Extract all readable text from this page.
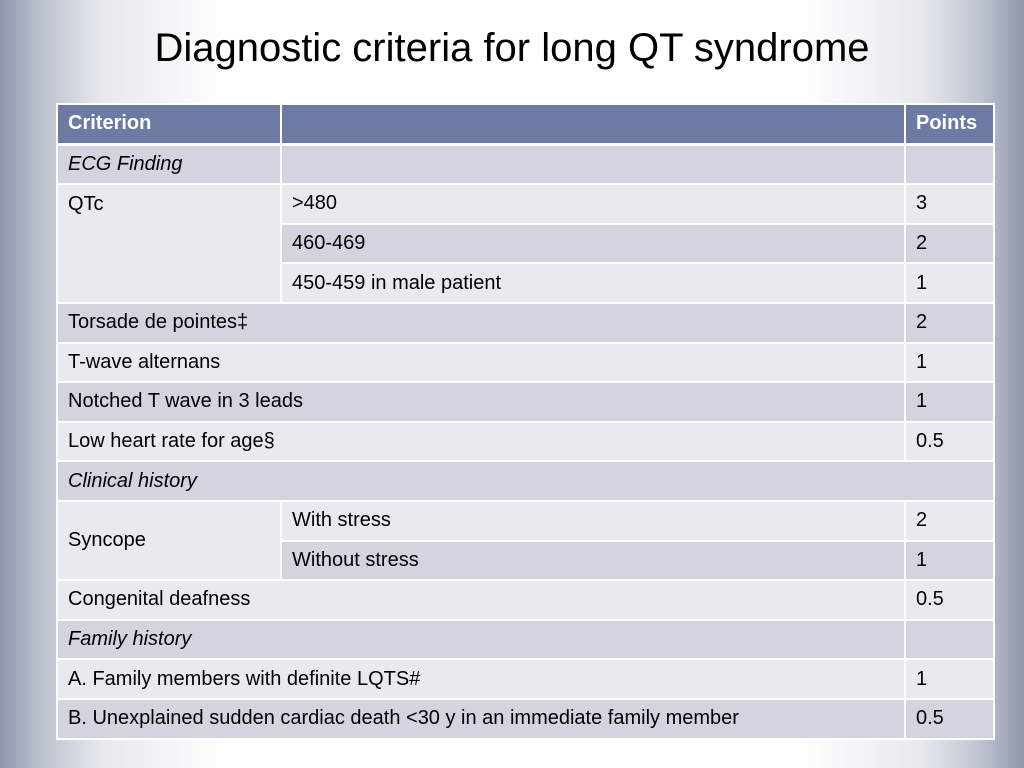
Diagnostic criteria for long QT syndrome
Criterion		Points
ECG Finding		
QTc	>480	3
	460-469	2
	450-459 in male patient	1
Torsade de pointes‡		2
T-wave alternans		1
Notched T wave in 3 leads		1
Low heart rate for age§		0.5
Clinical history		
Syncope	With stress	2
	Without stress	1
Congenital deafness		0.5
Family history		
A. Family members with definite LQTS#		1
B. Unexplained sudden cardiac death <30 y in an immediate family member		0.5
